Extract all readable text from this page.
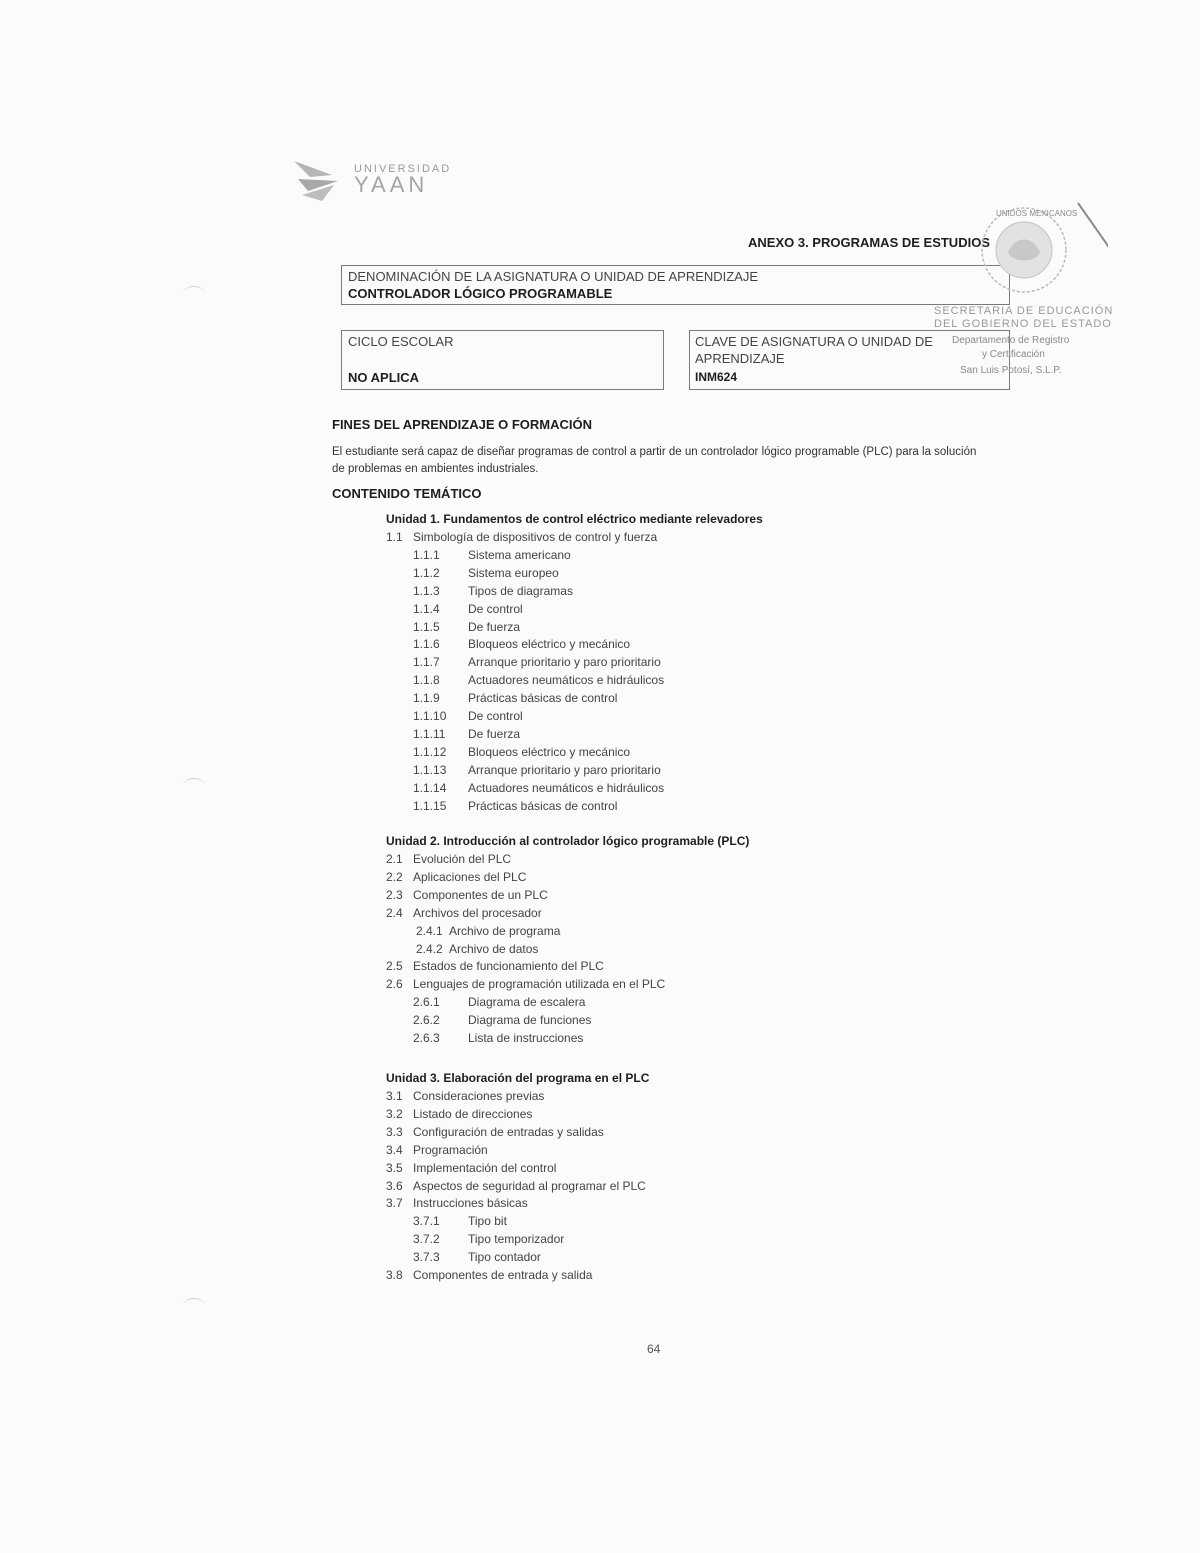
UNIVERSIDAD
YAAN
ANEXO 3. PROGRAMAS DE ESTUDIOS
DENOMINACIÓN DE LA ASIGNATURA O UNIDAD DE APRENDIZAJE
CONTROLADOR LÓGICO PROGRAMABLE
CICLO ESCOLAR
NO APLICA
CLAVE DE ASIGNATURA O UNIDAD DE
APRENDIZAJE
INM624
UNIDOS MEXICANOS
SECRETARIA DE EDUCACIÓN
DEL GOBIERNO DEL ESTADO
Departamento de Registro
y Certificación
San Luis Potosí, S.L.P.
FINES DEL APRENDIZAJE O FORMACIÓN
El estudiante será capaz de diseñar programas de control a partir de un controlador lógico programable (PLC) para la solución de problemas en ambientes industriales.
CONTENIDO TEMÁTICO
Unidad 1. Fundamentos de control eléctrico mediante relevadores
1.1 Simbología de dispositivos de control y fuerza
1.1.1 Sistema americano
1.1.2 Sistema europeo
1.1.3 Tipos de diagramas
1.1.4 De control
1.1.5 De fuerza
1.1.6 Bloqueos eléctrico y mecánico
1.1.7 Arranque prioritario y paro prioritario
1.1.8 Actuadores neumáticos e hidráulicos
1.1.9 Prácticas básicas de control
1.1.10 De control
1.1.11 De fuerza
1.1.12 Bloqueos eléctrico y mecánico
1.1.13 Arranque prioritario y paro prioritario
1.1.14 Actuadores neumáticos e hidráulicos
1.1.15 Prácticas básicas de control
Unidad 2. Introducción al controlador lógico programable (PLC)
2.1 Evolución del PLC
2.2 Aplicaciones del PLC
2.3 Componentes de un PLC
2.4 Archivos del procesador
2.4.1 Archivo de programa
2.4.2 Archivo de datos
2.5 Estados de funcionamiento del PLC
2.6 Lenguajes de programación utilizada en el PLC
2.6.1 Diagrama de escalera
2.6.2 Diagrama de funciones
2.6.3 Lista de instrucciones
Unidad 3. Elaboración del programa en el PLC
3.1 Consideraciones previas
3.2 Listado de direcciones
3.3 Configuración de entradas y salidas
3.4 Programación
3.5 Implementación del control
3.6 Aspectos de seguridad al programar el PLC
3.7 Instrucciones básicas
3.7.1 Tipo bit
3.7.2 Tipo temporizador
3.7.3 Tipo contador
3.8 Componentes de entrada y salida
64
